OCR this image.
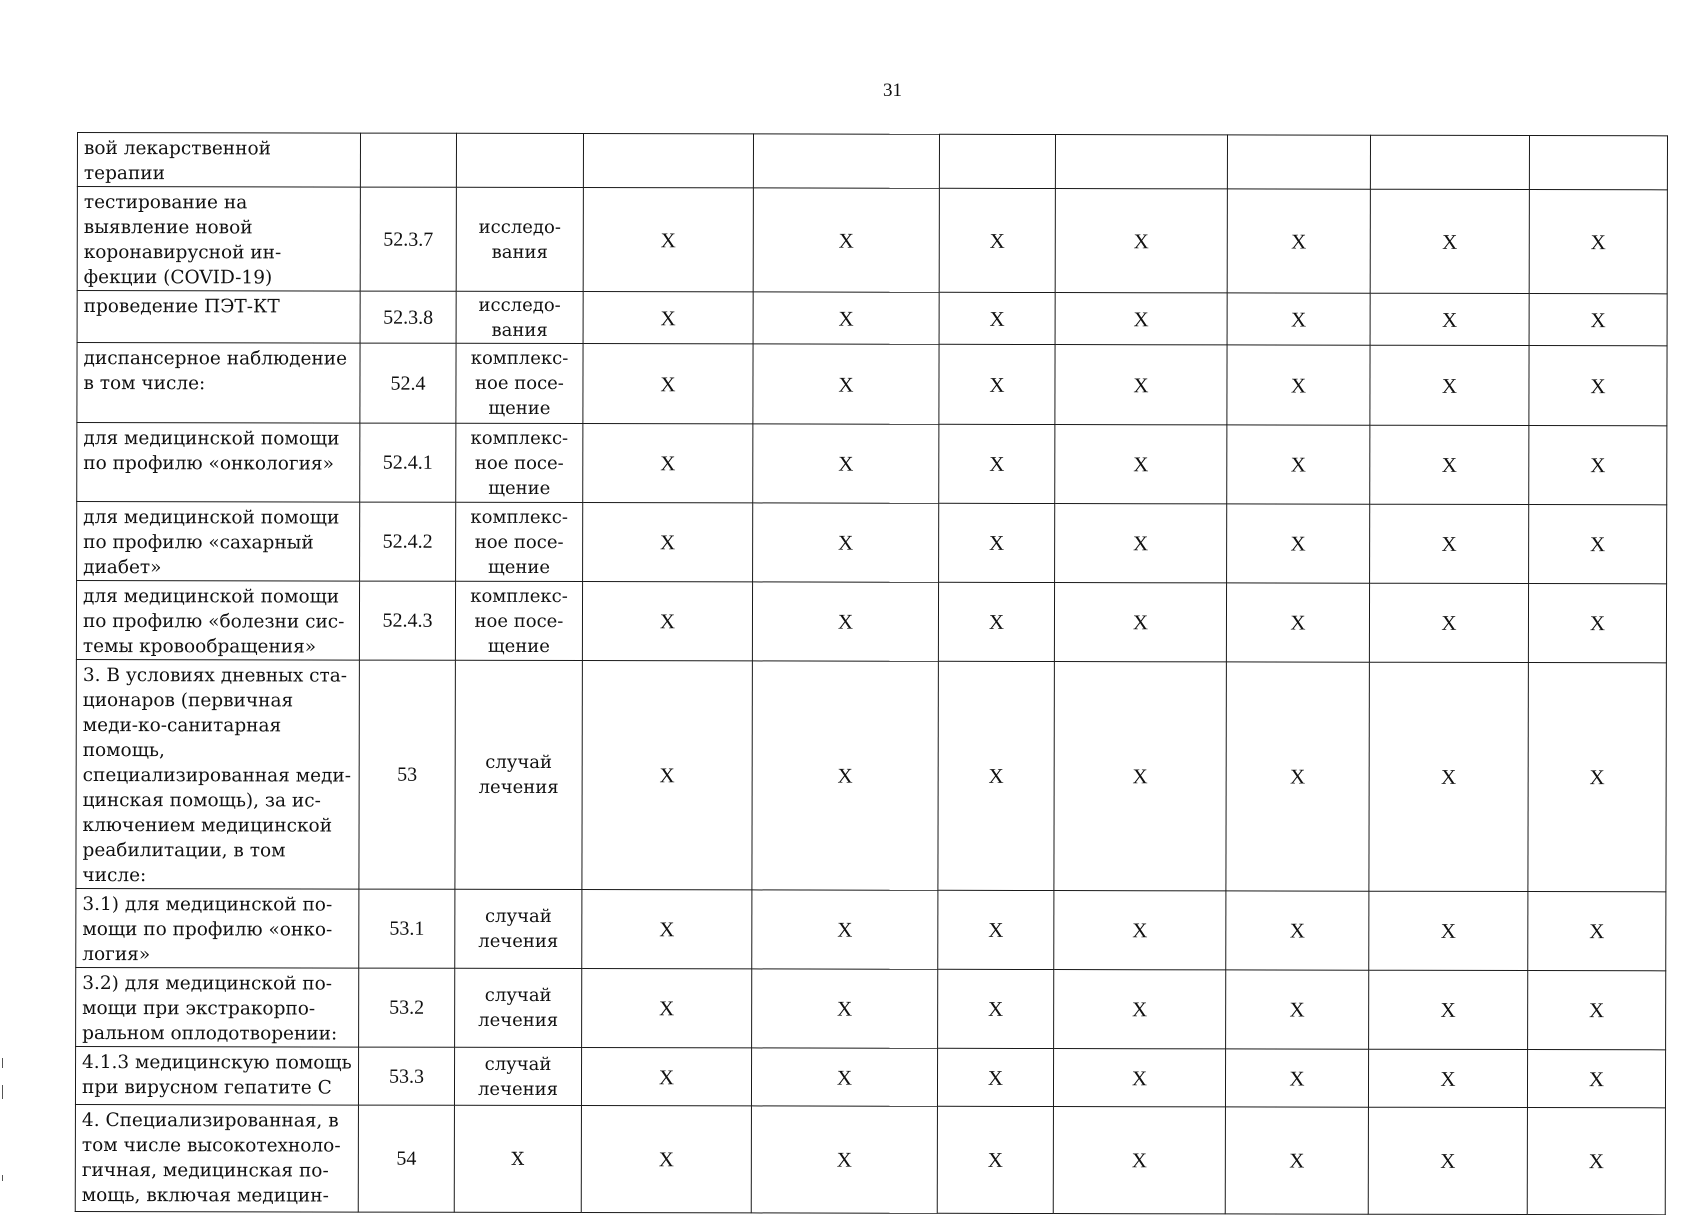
31
вой лекарственной терапии									
тестирование на выявление новой коронавирусной ин-фекции (COVID-19)	52.3.7	исследо-вания	Х	Х	Х	Х	Х	Х	Х
проведение ПЭТ-КТ	52.3.8	исследо-вания	Х	Х	Х	Х	Х	Х	Х
диспансерное наблюдение в том числе:	52.4	комплекс-ное посе-щение	Х	Х	Х	Х	Х	Х	Х
для медицинской помощи по профилю «онкология»	52.4.1	комплекс-ное посе-щение	Х	Х	Х	Х	Х	Х	Х
для медицинской помощи по профилю «сахарный диабет»	52.4.2	комплекс-ное посе-щение	Х	Х	Х	Х	Х	Х	Х
для медицинской помощи по профилю «болезни сис-темы кровообращения»	52.4.3	комплекс-ное посе-щение	Х	Х	Х	Х	Х	Х	Х
3. В условиях дневных ста-ционаров (первичная меди-ко-санитарная помощь, специализированная меди-цинская помощь), за ис-ключением медицинской реабилитации, в том числе:	53	случай лечения	Х	Х	Х	Х	Х	Х	Х
3.1) для медицинской по-мощи по профилю «онко-логия»	53.1	случай лечения	Х	Х	Х	Х	Х	Х	Х
3.2) для медицинской по-мощи при экстракорпо-ральном оплодотворении:	53.2	случай лечения	Х	Х	Х	Х	Х	Х	Х
4.1.3 медицинскую помощь при вирусном гепатите С	53.3	случай лечения	Х	Х	Х	Х	Х	Х	Х
4. Специализированная, в том числе высокотехноло-гичная, медицинская по-мощь, включая медицин-	54	Х	Х	Х	Х	Х	Х	Х	Х
